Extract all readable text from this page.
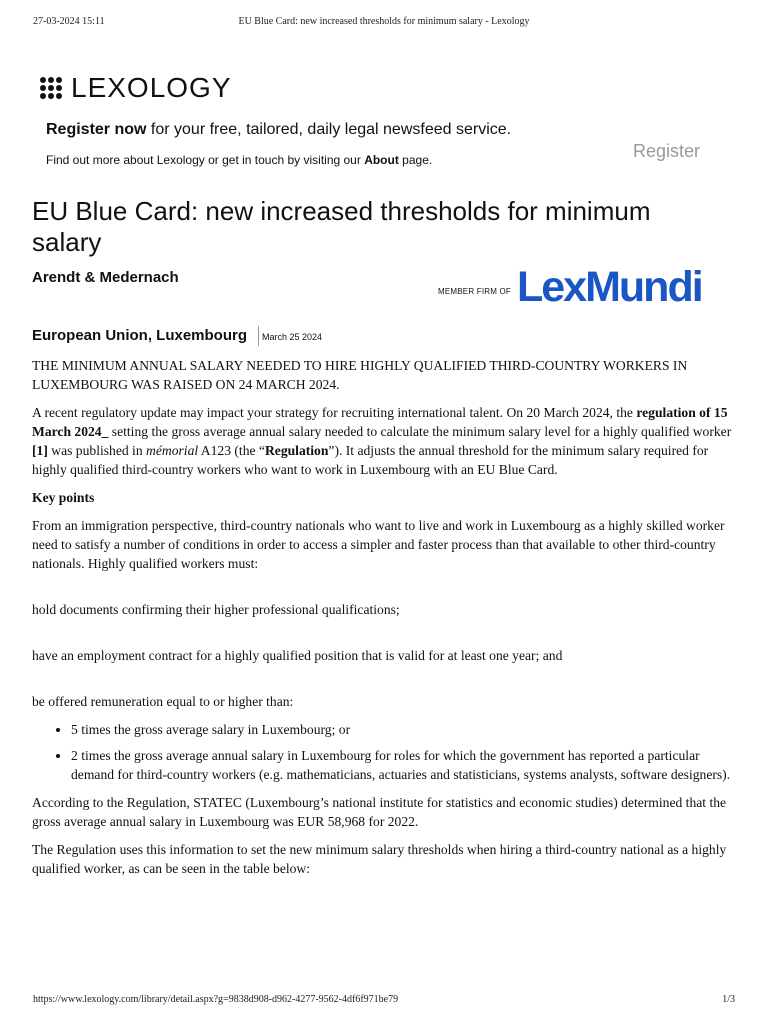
27-03-2024 15:11	EU Blue Card: new increased thresholds for minimum salary - Lexology
LEXOLOGY
Register now for your free, tailored, daily legal newsfeed service.
Find out more about Lexology or get in touch by visiting our About page.	Register
EU Blue Card: new increased thresholds for minimum salary
Arendt & Medernach
MEMBER FIRM OF LexMundi
European Union, Luxembourg March 25 2024

THE MINIMUM ANNUAL SALARY NEEDED TO HIRE HIGHLY QUALIFIED THIRD-COUNTRY WORKERS IN LUXEMBOURG WAS RAISED ON 24 MARCH 2024.

A recent regulatory update may impact your strategy for recruiting international talent. On 20 March 2024, the regulation of 15 March 2024_ setting the gross average annual salary needed to calculate the minimum salary level for a highly qualified worker [1] was published in mémorial A123 (the “Regulation”). It adjusts the annual threshold for the minimum salary required for highly qualified third-country workers who want to work in Luxembourg with an EU Blue Card.

Key points

From an immigration perspective, third-country nationals who want to live and work in Luxembourg as a highly skilled worker need to satisfy a number of conditions in order to access a simpler and faster process than that available to other third-country nationals. Highly qualified workers must:

hold documents confirming their higher professional qualifications;

have an employment contract for a highly qualified position that is valid for at least one year; and

be offered remuneration equal to or higher than:

• 5 times the gross average salary in Luxembourg; or
• 2 times the gross average annual salary in Luxembourg for roles for which the government has reported a particular demand for third-country workers (e.g. mathematicians, actuaries and statisticians, systems analysts, software designers).

According to the Regulation, STATEC (Luxembourg’s national institute for statistics and economic studies) determined that the gross average annual salary in Luxembourg was EUR 58,968 for 2022.

The Regulation uses this information to set the new minimum salary thresholds when hiring a third-country national as a highly qualified worker, as can be seen in the table below:

https://www.lexology.com/library/detail.aspx?g=9838d908-d962-4277-9562-4df6f971be79	1/3
